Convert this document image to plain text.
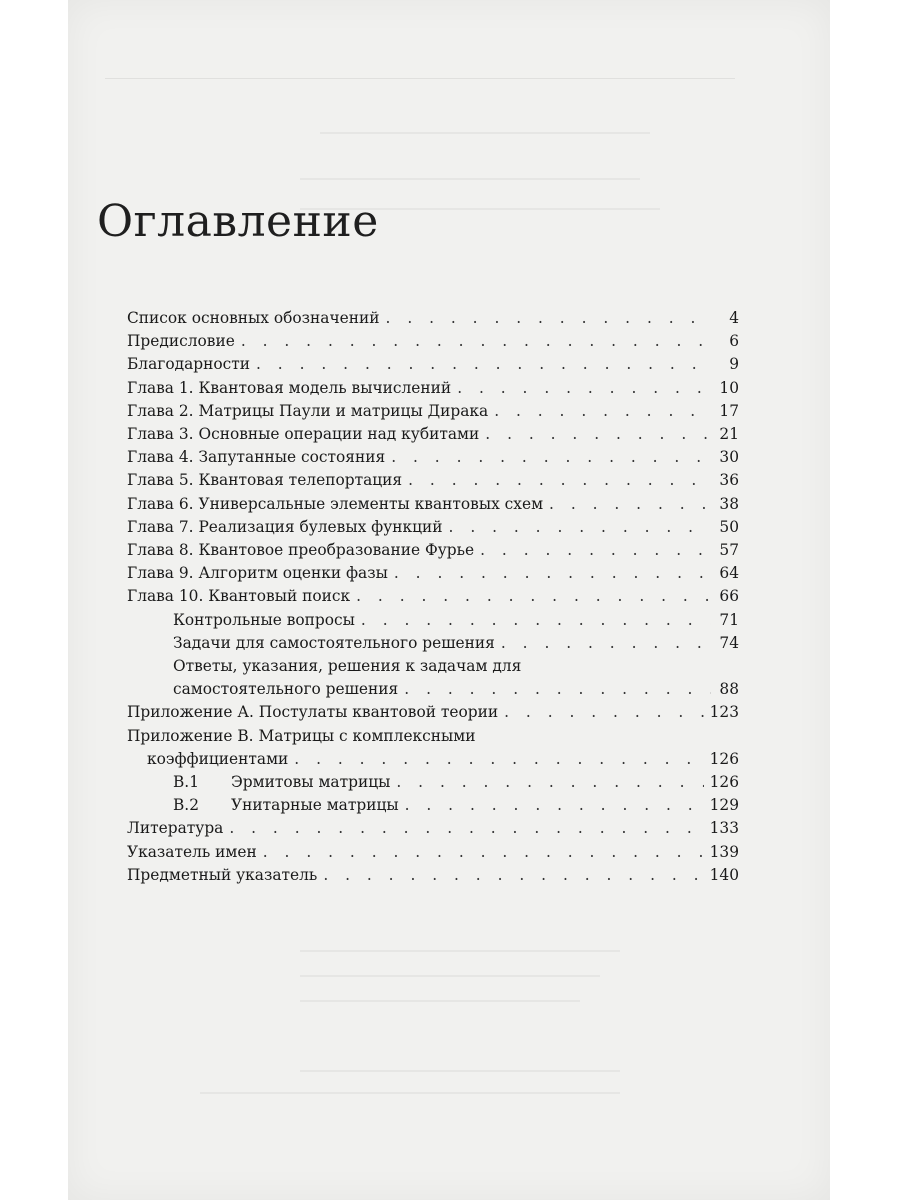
Оглавление
Список основных обозначений . . .	4
Предисловие . . .	6
Благодарности . . .	9
Глава 1. Квантовая модель вычислений . . .	10
Глава 2. Матрицы Паули и матрицы Дирака . . .	17
Глава 3. Основные операции над кубитами . . .	21
Глава 4. Запутанные состояния . . .	30
Глава 5. Квантовая телепортация . . .	36
Глава 6. Универсальные элементы квантовых схем . . .	38
Глава 7. Реализация булевых функций . . .	50
Глава 8. Квантовое преобразование Фурье . . .	57
Глава 9. Алгоритм оценки фазы . . .	64
Глава 10. Квантовый поиск . . .	66
Контрольные вопросы . . .	71
Задачи для самостоятельного решения . . .	74
Ответы, указания, решения к задачам для
самостоятельного решения . . .	88
Приложение А. Постулаты квантовой теории . . .	123
Приложение В. Матрицы с комплексными
коэффициентами . . .	126
B.1 Эрмитовы матрицы . . .	126
B.2 Унитарные матрицы . . .	129
Литература . . .	133
Указатель имен . . .	139
Предметный указатель . . .	140
